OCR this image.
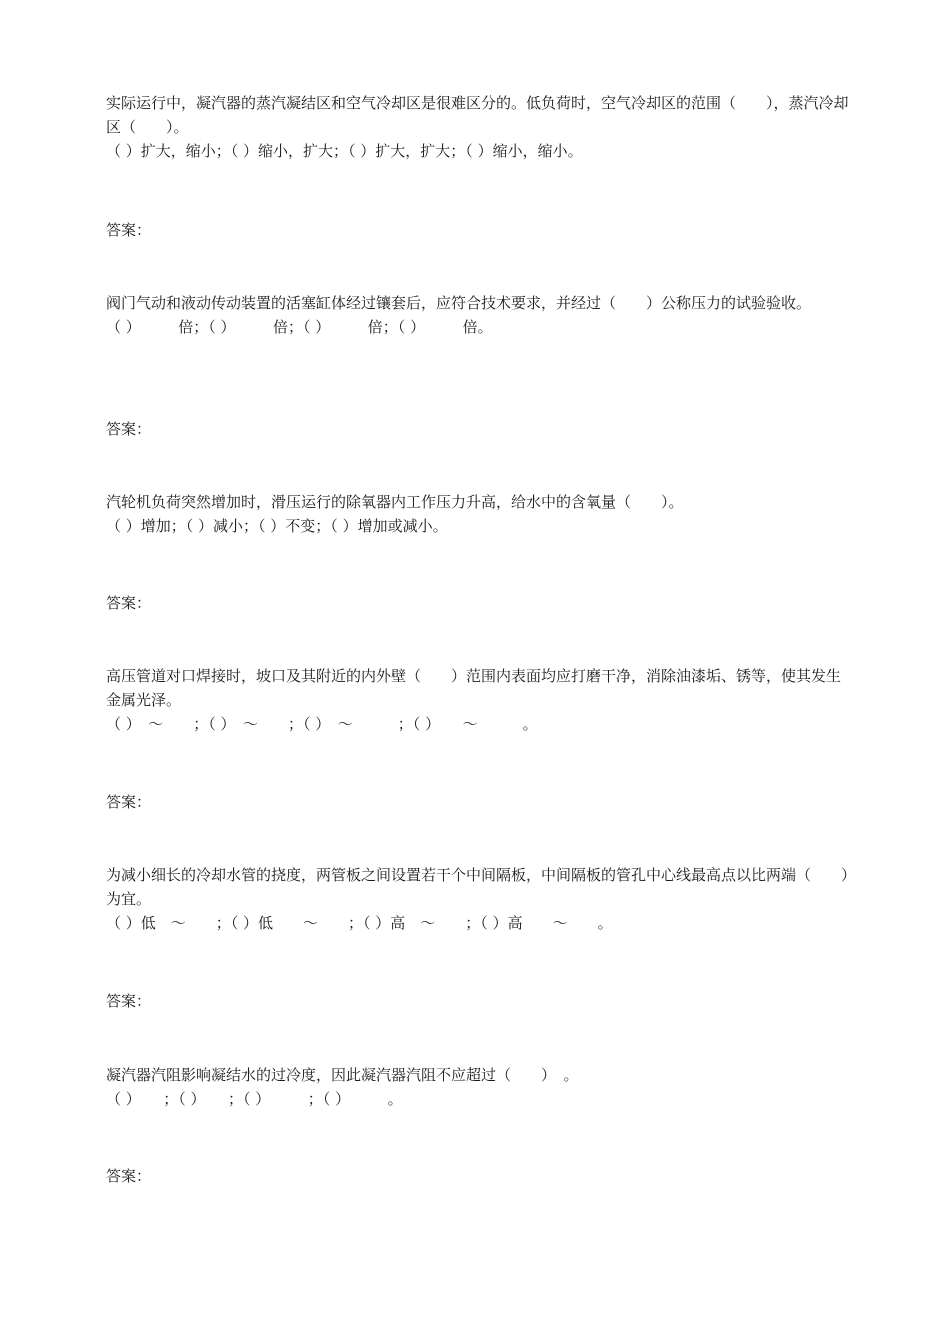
实际运行中，凝汽器的蒸汽凝结区和空气冷却区是很难区分的。低负荷时，空气冷却区的范围（　　），蒸汽冷却区（　　）。

（ ）扩大，缩小；（ ）缩小，扩大；（ ）扩大，扩大；（ ）缩小，缩小。

答案：

阀门气动和液动传动装置的活塞缸体经过镶套后，应符合技术要求，并经过（　　）公称压力的试验验收。

（ ）　　　倍；（ ）　　　倍；（ ）　　　倍；（ ）　　　倍。

答案：

汽轮机负荷突然增加时，滑压运行的除氧器内工作压力升高，给水中的含氧量（　　）。

（ ）增加；（ ）减小；（ ）不变；（ ）增加或减小。

答案：

高压管道对口焊接时，坡口及其附近的内外壁（　　）范围内表面均应打磨干净，消除油漆垢、锈等，使其发生金属光泽。

（ ）　～　　；（ ）　～　　；（ ）　～　　　；（ ）　　～　　　。

答案：

为减小细长的冷却水管的挠度，两管板之间设置若干个中间隔板，中间隔板的管孔中心线最高点以比两端（　　）为宜。

（ ）低　～　　；（ ）低　　～　　；（ ）高　～　　；（ ）高　　～　　。

答案：

凝汽器汽阻影响凝结水的过冷度，因此凝汽器汽阻不应超过（　　）　。

（ ）　　；（ ）　　；（ ）　　　；（ ）　　　。

答案：
